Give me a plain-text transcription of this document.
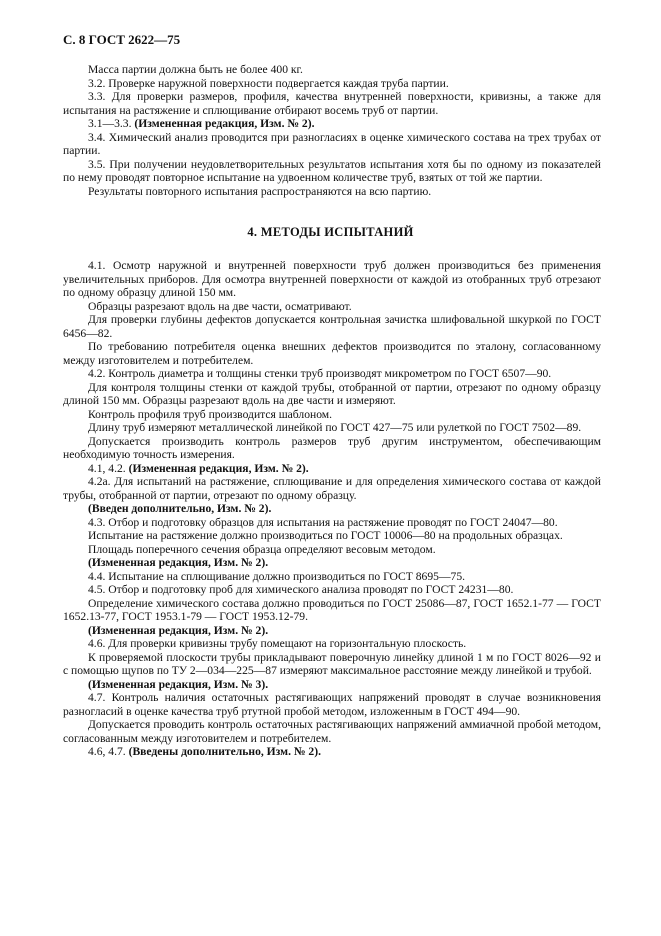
С. 8 ГОСТ 2622—75

Масса партии должна быть не более 400 кг.

3.2. Проверке наружной поверхности подвергается каждая труба партии.

3.3. Для проверки размеров, профиля, качества внутренней поверхности, кривизны, а также для испытания на растяжение и сплющивание отбирают восемь труб от партии.

3.1—3.3. (Измененная редакция, Изм. № 2).

3.4. Химический анализ проводится при разногласиях в оценке химического состава на трех трубах от партии.

3.5. При получении неудовлетворительных результатов испытания хотя бы по одному из показателей по нему проводят повторное испытание на удвоенном количестве труб, взятых от той же партии.

Результаты повторного испытания распространяются на всю партию.

4. МЕТОДЫ ИСПЫТАНИЙ

4.1. Осмотр наружной и внутренней поверхности труб должен производиться без применения увеличительных приборов. Для осмотра внутренней поверхности от каждой из отобранных труб отрезают по одному образцу длиной 150 мм.

Образцы разрезают вдоль на две части, осматривают.

Для проверки глубины дефектов допускается контрольная зачистка шлифовальной шкуркой по ГОСТ 6456—82.

По требованию потребителя оценка внешних дефектов производится по эталону, согласованному между изготовителем и потребителем.

4.2. Контроль диаметра и толщины стенки труб производят микрометром по ГОСТ 6507—90.

Для контроля толщины стенки от каждой трубы, отобранной от партии, отрезают по одному образцу длиной 150 мм. Образцы разрезают вдоль на две части и измеряют.

Контроль профиля труб производится шаблоном.

Длину труб измеряют металлической линейкой по ГОСТ 427—75 или рулеткой по ГОСТ 7502—89.

Допускается производить контроль размеров труб другим инструментом, обеспечивающим необходимую точность измерения.

4.1, 4.2. (Измененная редакция, Изм. № 2).

4.2а. Для испытаний на растяжение, сплющивание и для определения химического состава от каждой трубы, отобранной от партии, отрезают по одному образцу.

(Введен дополнительно, Изм. № 2).

4.3. Отбор и подготовку образцов для испытания на растяжение проводят по ГОСТ 24047—80.

Испытание на растяжение должно производиться по ГОСТ 10006—80 на продольных образцах.

Площадь поперечного сечения образца определяют весовым методом.

(Измененная редакция, Изм. № 2).

4.4. Испытание на сплющивание должно производиться по ГОСТ 8695—75.

4.5. Отбор и подготовку проб для химического анализа проводят по ГОСТ 24231—80.

Определение химического состава должно проводиться по ГОСТ 25086—87, ГОСТ 1652.1-77 — ГОСТ 1652.13-77, ГОСТ 1953.1-79 — ГОСТ 1953.12-79.

(Измененная редакция, Изм. № 2).

4.6. Для проверки кривизны трубу помещают на горизонтальную плоскость.

К проверяемой плоскости трубы прикладывают поверочную линейку длиной 1 м по ГОСТ 8026—92 и с помощью щупов по ТУ 2—034—225—87 измеряют максимальное расстояние между линейкой и трубой.

(Измененная редакция, Изм. № 3).

4.7. Контроль наличия остаточных растягивающих напряжений проводят в случае возникновения разногласий в оценке качества труб ртутной пробой методом, изложенным в ГОСТ 494—90.

Допускается проводить контроль остаточных растягивающих напряжений аммиачной пробой методом, согласованным между изготовителем и потребителем.

4.6, 4.7. (Введены дополнительно, Изм. № 2).
